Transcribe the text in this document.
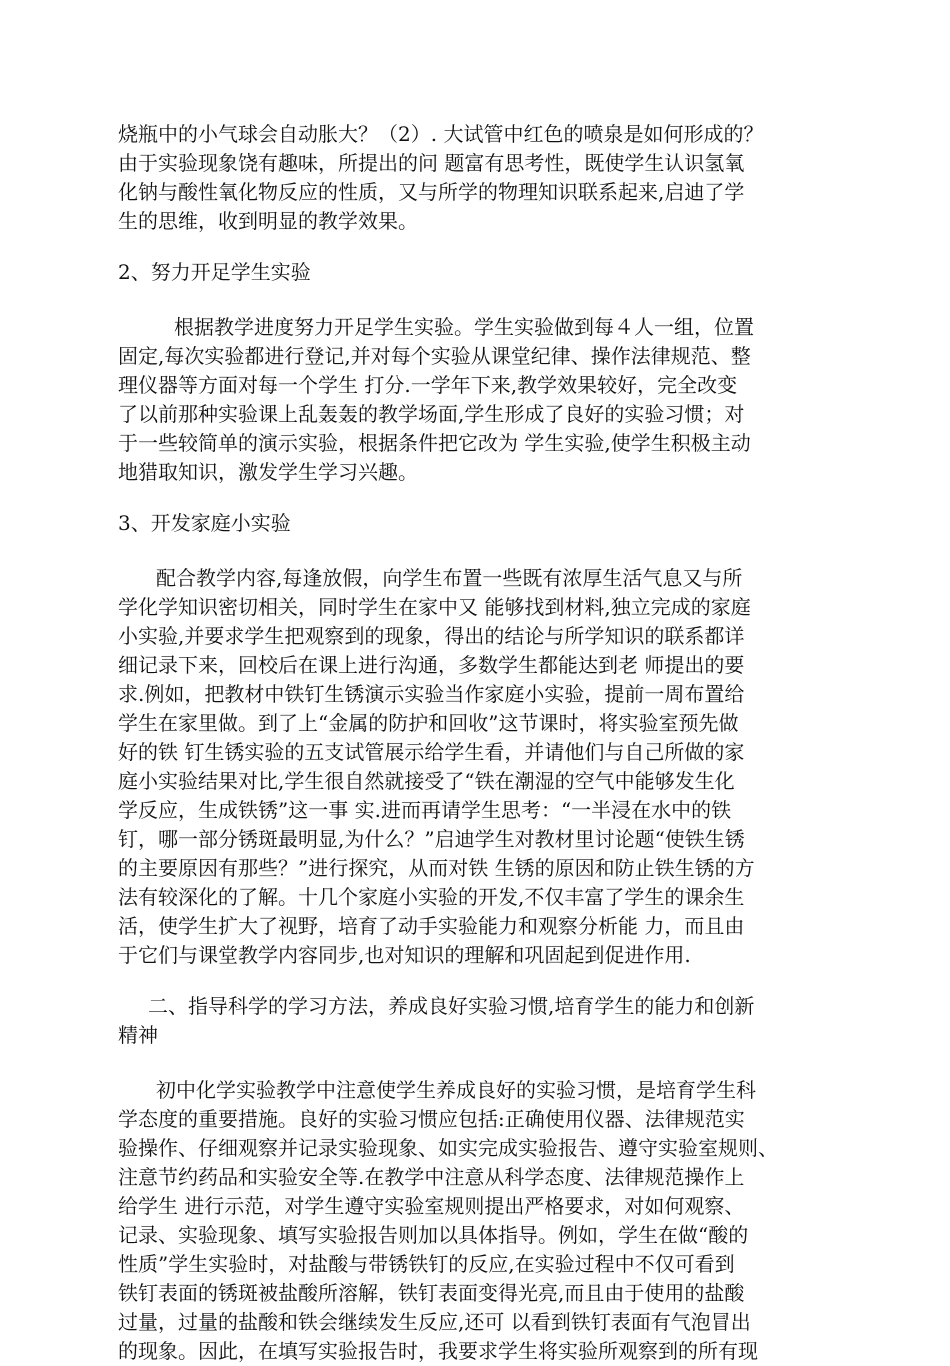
烧瓶中的小气球会自动胀大？（2）. 大试管中红色的喷泉是如何形成的？
由于实验现象饶有趣味，所提出的问 题富有思考性，既使学生认识氢氧
化钠与酸性氧化物反应的性质，又与所学的物理知识联系起来,启迪了学
生的思维，收到明显的教学效果。
2、努力开足学生实验
根据教学进度努力开足学生实验。学生实验做到每４人一组，位置
固定,每次实验都进行登记,并对每个实验从课堂纪律、操作法律规范、整
理仪器等方面对每一个学生 打分.一学年下来,教学效果较好，完全改变
了以前那种实验课上乱轰轰的教学场面,学生形成了良好的实验习惯；对
于一些较简单的演示实验，根据条件把它改为 学生实验,使学生积极主动
地猎取知识，激发学生学习兴趣。
3、开发家庭小实验
配合教学内容,每逢放假，向学生布置一些既有浓厚生活气息又与所
学化学知识密切相关，同时学生在家中又 能够找到材料,独立完成的家庭
小实验,并要求学生把观察到的现象，得出的结论与所学知识的联系都详
细记录下来，回校后在课上进行沟通，多数学生都能达到老 师提出的要
求.例如，把教材中铁钉生锈演示实验当作家庭小实验，提前一周布置给
学生在家里做。到了上“金属的防护和回收”这节课时，将实验室预先做
好的铁 钉生锈实验的五支试管展示给学生看，并请他们与自己所做的家
庭小实验结果对比,学生很自然就接受了“铁在潮湿的空气中能够发生化
学反应，生成铁锈”这一事 实.进而再请学生思考：“一半浸在水中的铁
钉，哪一部分锈斑最明显,为什么？”启迪学生对教材里讨论题“使铁生锈
的主要原因有那些？”进行探究，从而对铁 生锈的原因和防止铁生锈的方
法有较深化的了解。十几个家庭小实验的开发,不仅丰富了学生的课余生
活，使学生扩大了视野，培育了动手实验能力和观察分析能 力，而且由
于它们与课堂教学内容同步,也对知识的理解和巩固起到促进作用.
二、指导科学的学习方法，养成良好实验习惯,培育学生的能力和创新
精神
初中化学实验教学中注意使学生养成良好的实验习惯，是培育学生科
学态度的重要措施。良好的实验习惯应包括:正确使用仪器、法律规范实
验操作、仔细观察并记录实验现象、如实完成实验报告、遵守实验室规则、
注意节约药品和实验安全等.在教学中注意从科学态度、法律规范操作上
给学生 进行示范，对学生遵守实验室规则提出严格要求，对如何观察、
记录、实验现象、填写实验报告则加以具体指导。例如，学生在做“酸的
性质”学生实验时，对盐酸与带锈铁钉的反应,在实验过程中不仅可看到
铁钉表面的锈斑被盐酸所溶解，铁钉表面变得光亮,而且由于使用的盐酸
过量，过量的盐酸和铁会继续发生反应,还可 以看到铁钉表面有气泡冒出
的现象。因此，在填写实验报告时，我要求学生将实验所观察到的所有现
